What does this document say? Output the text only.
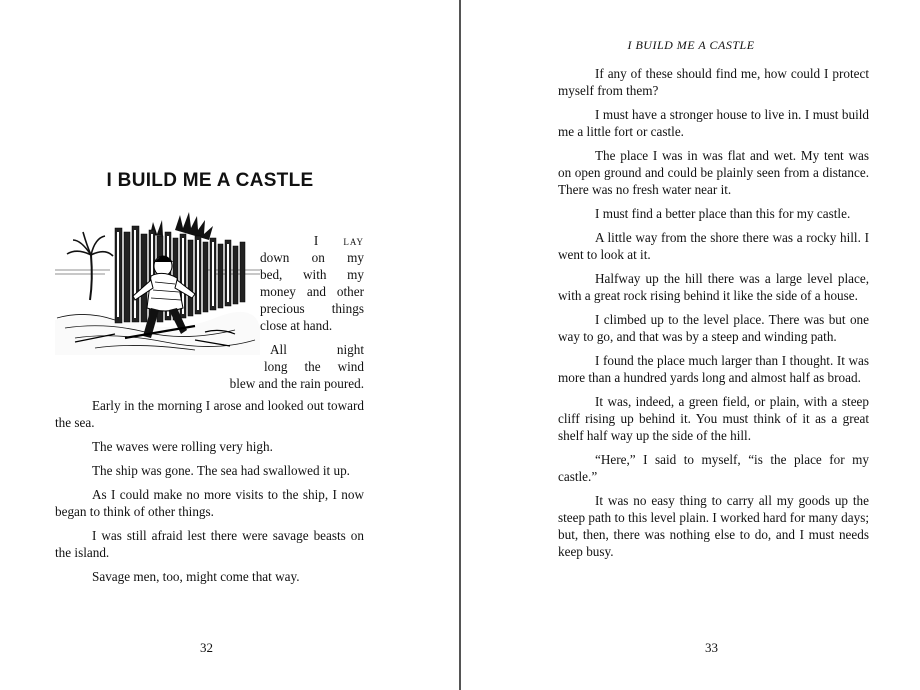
I BUILD ME A CASTLE
I lay
down on my
bed, with my
money and other
precious things
close at hand.
All	night
long the wind
blew and the rain poured.

Early in the morning I arose and looked out toward the sea.

The waves were rolling very high.

The ship was gone. The sea had swallowed it up.

As I could make no more visits to the ship, I now began to think of other things.

I was still afraid lest there were savage beasts on the island.

Savage men, too, might come that way.

32

I BUILD ME A CASTLE

If any of these should find me, how could I protect myself from them?

I must have a stronger house to live in. I must build me a little fort or castle.

The place I was in was flat and wet. My tent was on open ground and could be plainly seen from a distance. There was no fresh water near it.

I must find a better place than this for my castle.

A little way from the shore there was a rocky hill. I went to look at it.

Halfway up the hill there was a large level place, with a great rock rising behind it like the side of a house.

I climbed up to the level place. There was but one way to go, and that was by a steep and winding path.

I found the place much larger than I thought. It was more than a hundred yards long and almost half as broad.

It was, indeed, a green field, or plain, with a steep cliff rising up behind it. You must think of it as a great shelf half way up the side of the hill.

“Here,” I said to myself, “is the place for my castle.”

It was no easy thing to carry all my goods up the steep path to this level plain. I worked hard for many days; but, then, there was nothing else to do, and I must needs keep busy.

33
